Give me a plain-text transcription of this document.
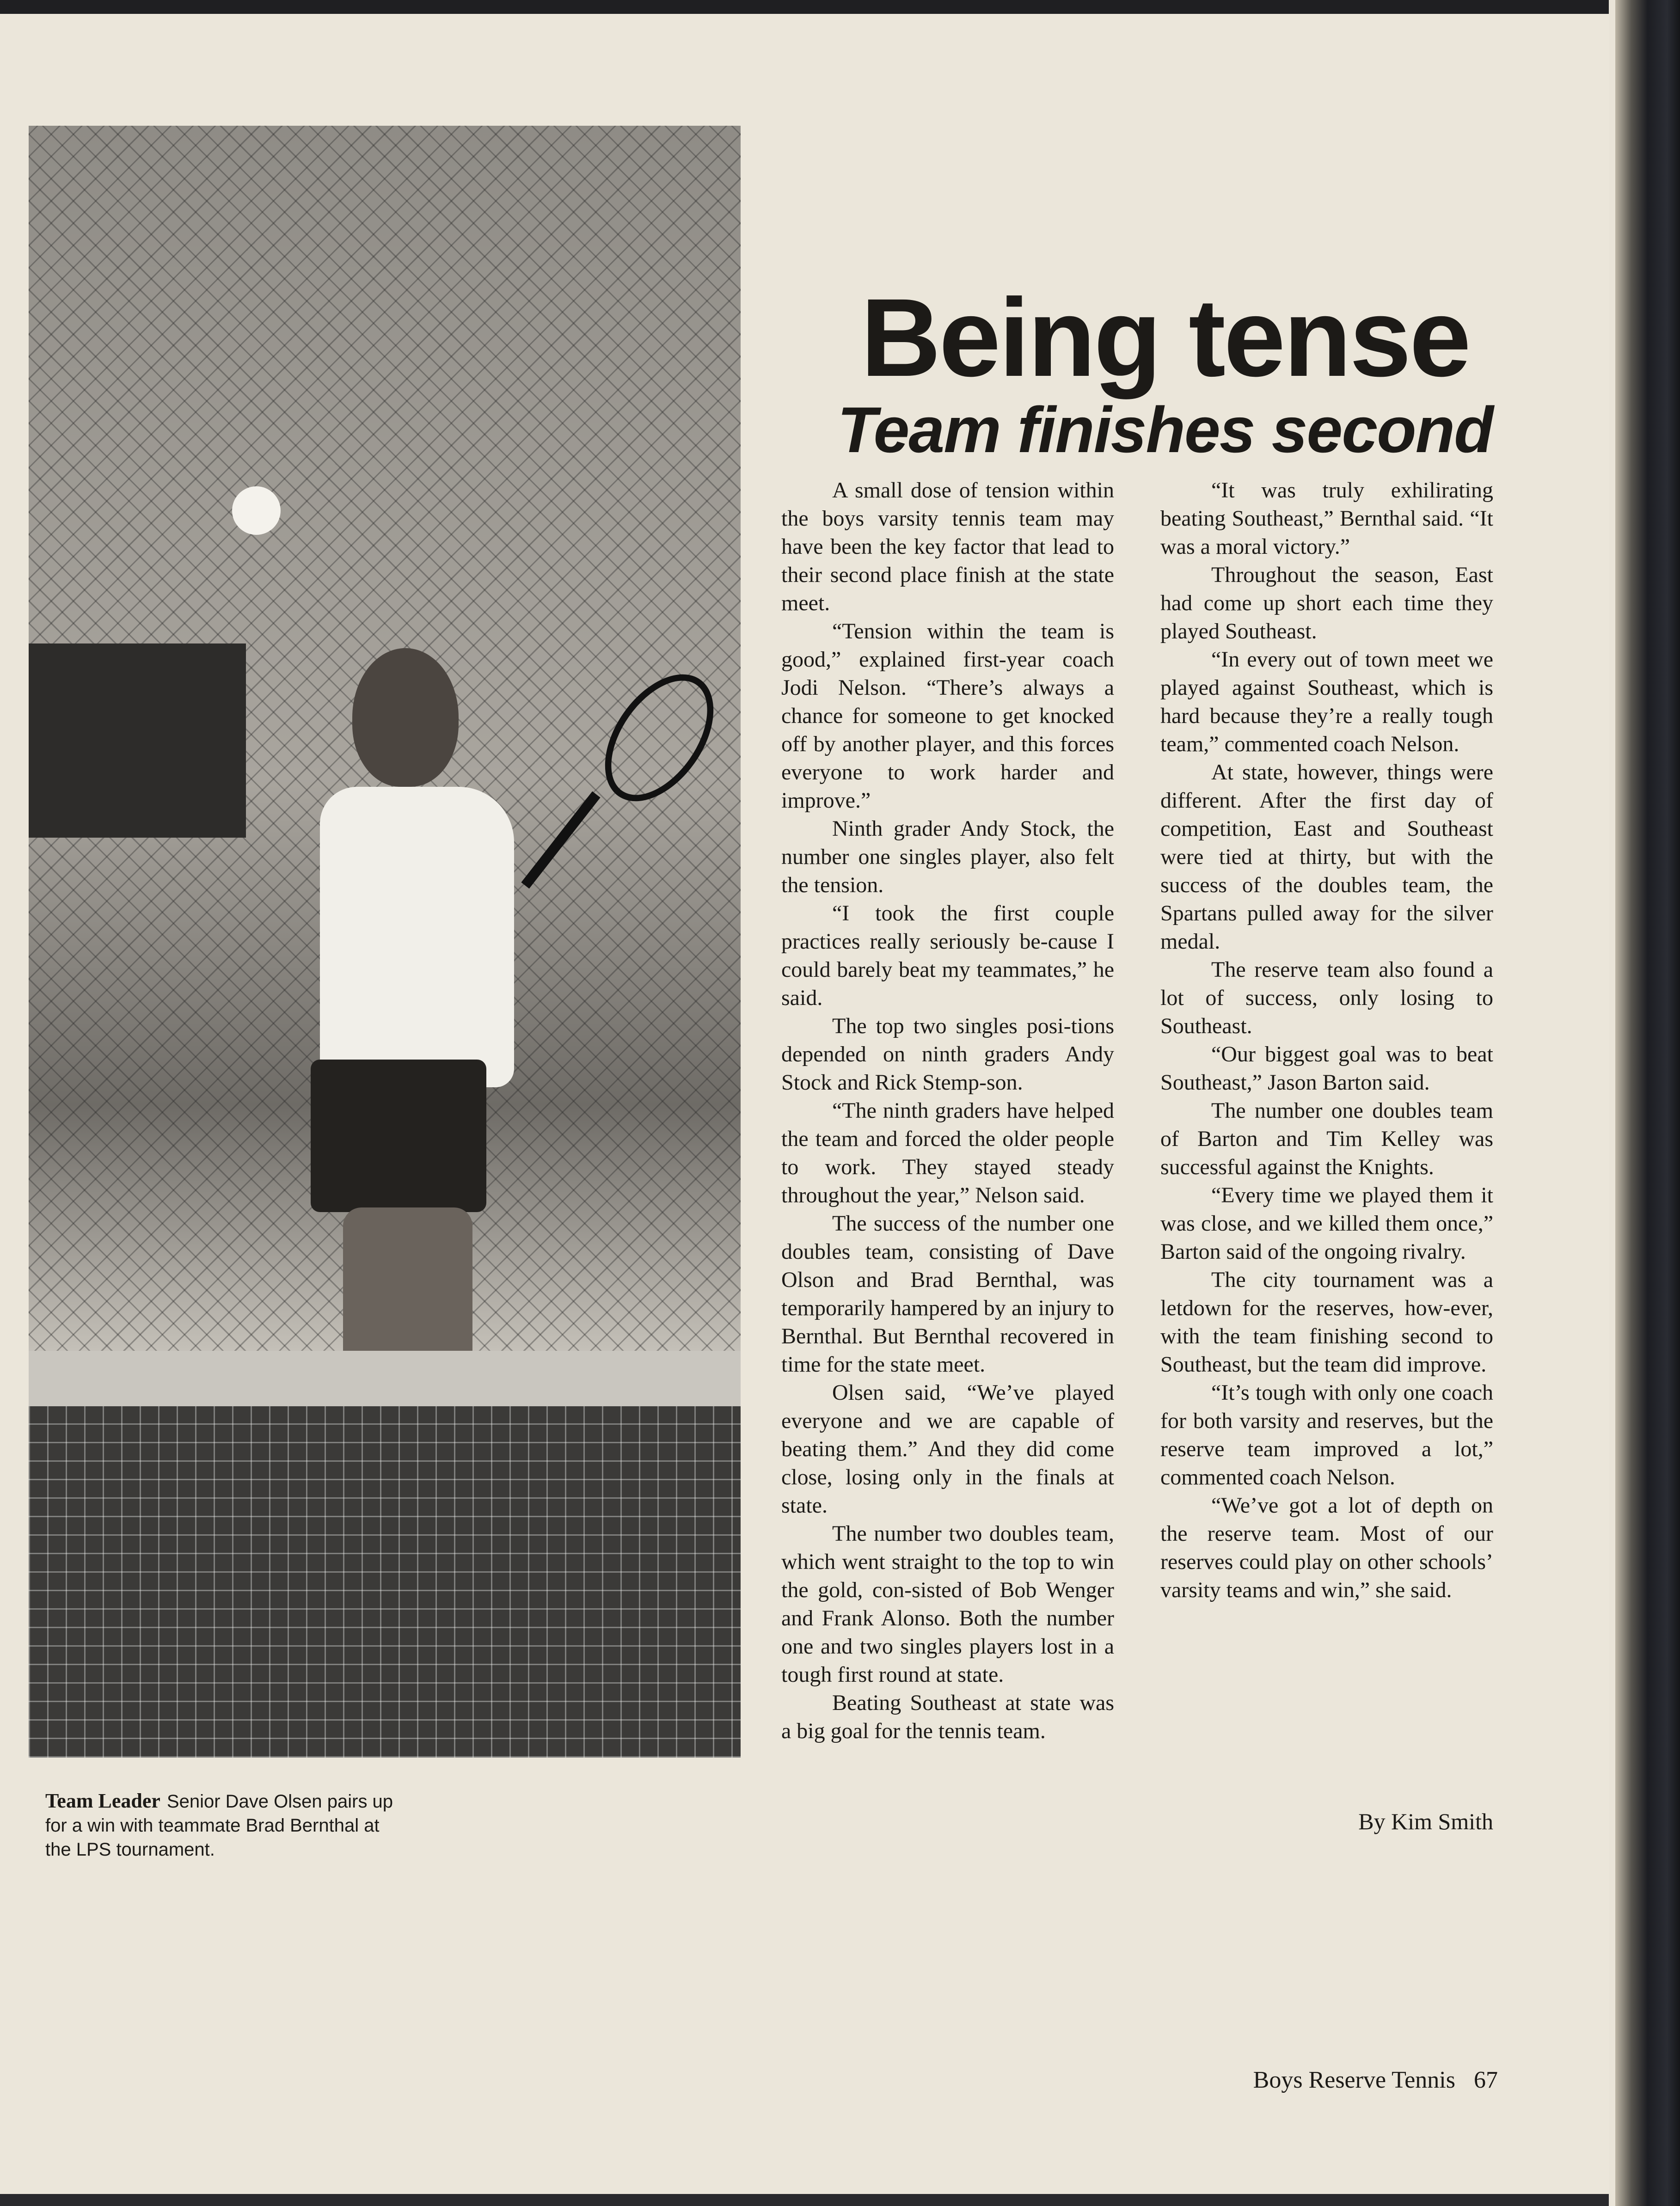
Team Leader Senior Dave Olsen pairs up for a win with teammate Brad Bernthal at the LPS tournament.
Being tense
Team finishes second

A small dose of tension within the boys varsity tennis team may have been the key factor that lead to their second place finish at the state meet.

“Tension within the team is good,” explained first-year coach Jodi Nelson. “There’s always a chance for someone to get knocked off by another player, and this forces everyone to work harder and improve.”

Ninth grader Andy Stock, the number one singles player, also felt the tension.

“I took the first couple practices really seriously be-cause I could barely beat my teammates,” he said.

The top two singles posi-tions depended on ninth graders Andy Stock and Rick Stemp-son.

“The ninth graders have helped the team and forced the older people to work. They stayed steady throughout the year,” Nelson said.

The success of the number one doubles team, consisting of Dave Olson and Brad Bernthal, was temporarily hampered by an injury to Bernthal. But Bernthal recovered in time for the state meet.

Olsen said, “We’ve played everyone and we are capable of beating them.” And they did come close, losing only in the finals at state.

The number two doubles team, which went straight to the top to win the gold, con-sisted of Bob Wenger and Frank Alonso. Both the number one and two singles players lost in a tough first round at state.

Beating Southeast at state was a big goal for the tennis team.

“It was truly exhilirating beating Southeast,” Bernthal said. “It was a moral victory.”

Throughout the season, East had come up short each time they played Southeast.

“In every out of town meet we played against Southeast, which is hard because they’re a really tough team,” commented coach Nelson.

At state, however, things were different. After the first day of competition, East and Southeast were tied at thirty, but with the success of the doubles team, the Spartans pulled away for the silver medal.

The reserve team also found a lot of success, only losing to Southeast.

“Our biggest goal was to beat Southeast,” Jason Barton said.

The number one doubles team of Barton and Tim Kelley was successful against the Knights.

“Every time we played them it was close, and we killed them once,” Barton said of the ongoing rivalry.

The city tournament was a letdown for the reserves, how-ever, with the team finishing second to Southeast, but the team did improve.

“It’s tough with only one coach for both varsity and reserves, but the reserve team improved a lot,” commented coach Nelson.

“We’ve got a lot of depth on the reserve team. Most of our reserves could play on other schools’ varsity teams and win,” she said.

By Kim Smith
Boys Reserve Tennis 67
